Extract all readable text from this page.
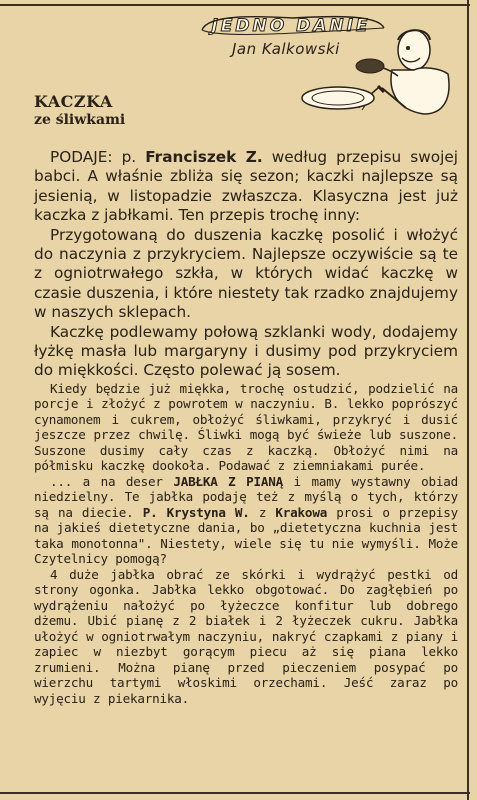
JEDNO DANIE
Jan Kalkowski
KACZKA
ze śliwkami

PODAJE: p. Franciszek Z. według przepisu swojej babci. A właśnie zbliża się sezon; kaczki najlepsze są jesienią, w listopadzie zwłaszcza. Klasyczna jest już kaczka z jabłkami. Ten przepis trochę inny:

Przygotowaną do duszenia kaczkę posolić i włożyć do naczynia z przykryciem. Najlepsze oczywiście są te z ogniotrwałego szkła, w których widać kaczkę w czasie duszenia, i które niestety tak rzadko znajdujemy w naszych sklepach.

Kaczkę podlewamy połową szklanki wody, dodajemy łyżkę masła lub margaryny i dusimy pod przykryciem do miękkości. Często polewać ją sosem.

Kiedy będzie już miękka, trochę ostudzić, podzielić na porcje i złożyć z powrotem w naczyniu. B. lekko poprószyć cynamonem i cukrem, obłożyć śliwkami, przykryć i dusić jeszcze przez chwilę. Śliwki mogą być świeże lub suszone. Suszone dusimy cały czas z kaczką. Obłożyć nimi na półmisku kaczkę dookoła. Podawać z ziemniakami purée.

... a na deser JABŁKA Z PIANĄ i mamy wystawny obiad niedzielny. Te jabłka podaję też z myślą o tych, którzy są na diecie. P. Krystyna W. z Krakowa prosi o przepisy na jakieś dietetyczne dania, bo „dietetyczna kuchnia jest taka monotonna". Niestety, wiele się tu nie wymyśli. Może Czytelnicy pomogą?

4 duże jabłka obrać ze skórki i wydrążyć pestki od strony ogonka. Jabłka lekko obgotować. Do zagłębień po wydrążeniu nałożyć po łyżeczce konfitur lub dobrego dżemu. Ubić pianę z 2 białek i 2 łyżeczek cukru. Jabłka ułożyć w ogniotrwałym naczyniu, nakryć czapkami z piany i zapiec w niezbyt gorącym piecu aż się piana lekko zrumieni. Można pianę przed pieczeniem posypać po wierzchu tartymi włoskimi orzechami. Jeść zaraz po wyjęciu z piekarnika.
